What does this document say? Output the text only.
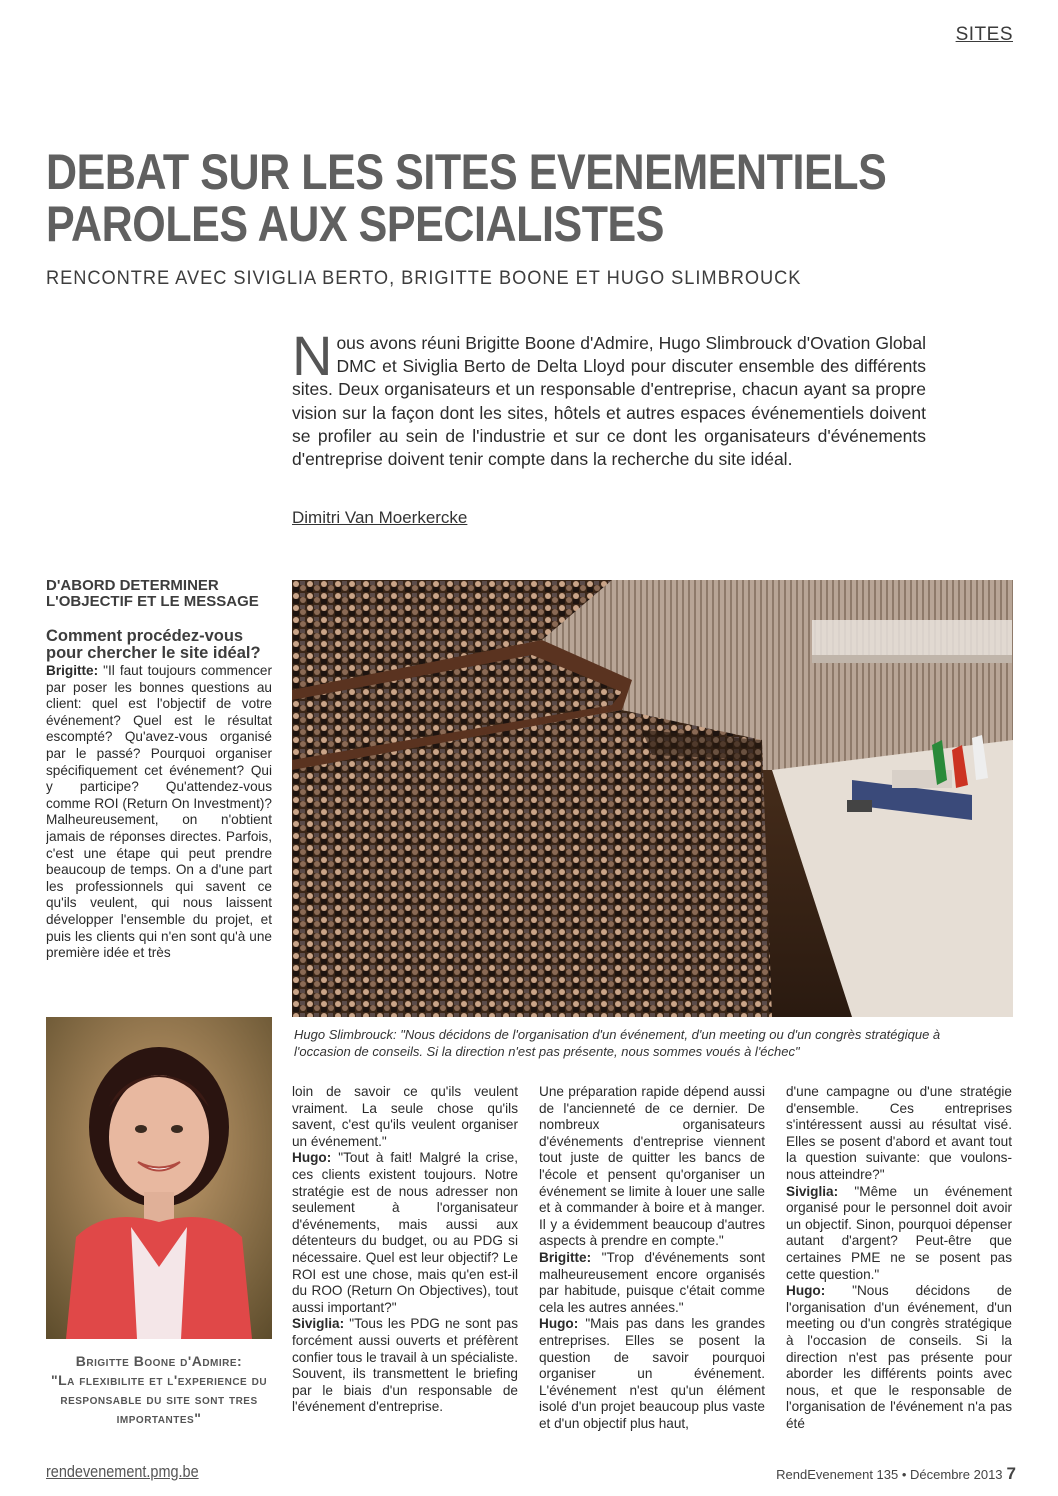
SITES
DEBAT SUR LES SITES EVENEMENTIELS
PAROLES AUX SPECIALISTES
RENCONTRE AVEC SIVIGLIA BERTO, BRIGITTE BOONE ET HUGO SLIMBROUCK
Nous avons réuni Brigitte Boone d'Admire, Hugo Slimbrouck d'Ovation Global DMC et Siviglia Berto de Delta Lloyd pour discuter ensemble des différents sites. Deux organisateurs et un responsable d'entreprise, chacun ayant sa propre vision sur la façon dont les sites, hôtels et autres espaces événementiels doivent se profiler au sein de l'industrie et sur ce dont les organisateurs d'événements d'entreprise doivent tenir compte dans la recherche du site idéal.
Dimitri Van Moerkercke
D'ABORD DETERMINER L'OBJECTIF ET LE MESSAGE
Comment procédez-vous pour chercher le site idéal?
Brigitte: "Il faut toujours commencer par poser les bonnes questions au client: quel est l'objectif de votre événement? Quel est le résultat escompté? Qu'avez-vous organisé par le passé? Pourquoi organiser spécifiquement cet événement? Qui y participe? Qu'attendez-vous comme ROI (Return On Investment)? Malheureusement, on n'obtient jamais de réponses directes. Parfois, c'est une étape qui peut prendre beaucoup de temps. On a d'une part les professionnels qui savent ce qu'ils veulent, qui nous laissent développer l'ensemble du projet, et puis les clients qui n'en sont qu'à une première idée et très
Hugo Slimbrouck: "Nous décidons de l'organisation d'un événement, d'un meeting ou d'un congrès stratégique à l'occasion de conseils. Si la direction n'est pas présente, nous sommes voués à l'échec"
Brigitte Boone d'Admire:
"La flexibilite et l'experience du responsable du site sont tres importantes"
loin de savoir ce qu'ils veulent vraiment. La seule chose qu'ils savent, c'est qu'ils veulent organiser un événement."
Hugo: "Tout à fait! Malgré la crise, ces clients existent toujours. Notre stratégie est de nous adresser non seulement à l'organisateur d'événements, mais aussi aux détenteurs du budget, ou au PDG si nécessaire. Quel est leur objectif? Le ROI est une chose, mais qu'en est-il du ROO (Return On Objectives), tout aussi important?"
Siviglia: "Tous les PDG ne sont pas forcément aussi ouverts et préfèrent confier tous le travail à un spécialiste. Souvent, ils transmettent le briefing par le biais d'un responsable de l'événement d'entreprise.
Une préparation rapide dépend aussi de l'ancienneté de ce dernier. De nombreux organisateurs d'événements d'entreprise viennent tout juste de quitter les bancs de l'école et pensent qu'organiser un événement se limite à louer une salle et à commander à boire et à manger. Il y a évidemment beaucoup d'autres aspects à prendre en compte."
Brigitte: "Trop d'événements sont malheureusement encore organisés par habitude, puisque c'était comme cela les autres années."
Hugo: "Mais pas dans les grandes entreprises. Elles se posent la question de savoir pourquoi organiser un événement. L'événement n'est qu'un élément isolé d'un projet beaucoup plus vaste et d'un objectif plus haut,
d'une campagne ou d'une stratégie d'ensemble. Ces entreprises s'intéressent aussi au résultat visé. Elles se posent d'abord et avant tout la question suivante: que voulons-nous atteindre?"
Siviglia: "Même un événement organisé pour le personnel doit avoir un objectif. Sinon, pourquoi dépenser autant d'argent? Peut-être que certaines PME ne se posent pas cette question."
Hugo: "Nous décidons de l'organisation d'un événement, d'un meeting ou d'un congrès stratégique à l'occasion de conseils. Si la direction n'est pas présente pour aborder les différents points avec nous, et que le responsable de l'organisation de l'événement n'a pas été
rendevenement.pmg.be	RendEvenement 135 • Décembre 2013 7
